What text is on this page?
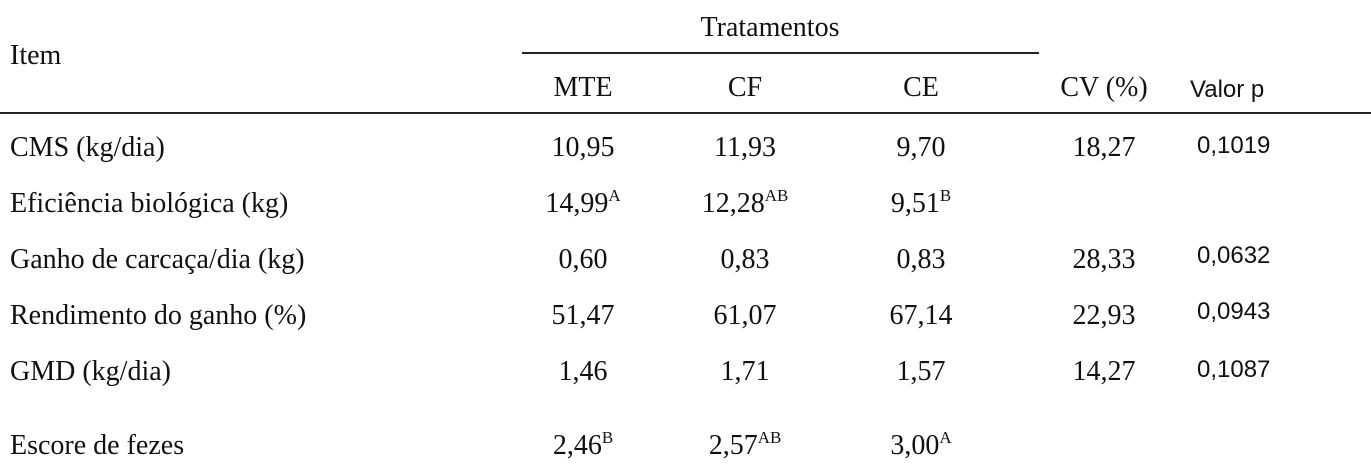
Item
Tratamentos
MTE	CF	CE	CV (%) Valor p
CMS (kg/dia)	10,95	11,93	9,70	18,27	0,1019
Eficiência biológica (kg)	$14,99^A$	$12,28^{AB}$	$9,51^B$
Ganho de carcaça/dia (kg)	0,60	0,83	0,83	28,33	0,0632
Rendimento do ganho (%)	51,47	61,07	67,14	22,93	0,0943
GMD (kg/dia)	1,46	1,71	1,57	14,27	0,1087
Escore de fezes	$2,46^B$	$2,57^{AB}$	$3,00^A$
